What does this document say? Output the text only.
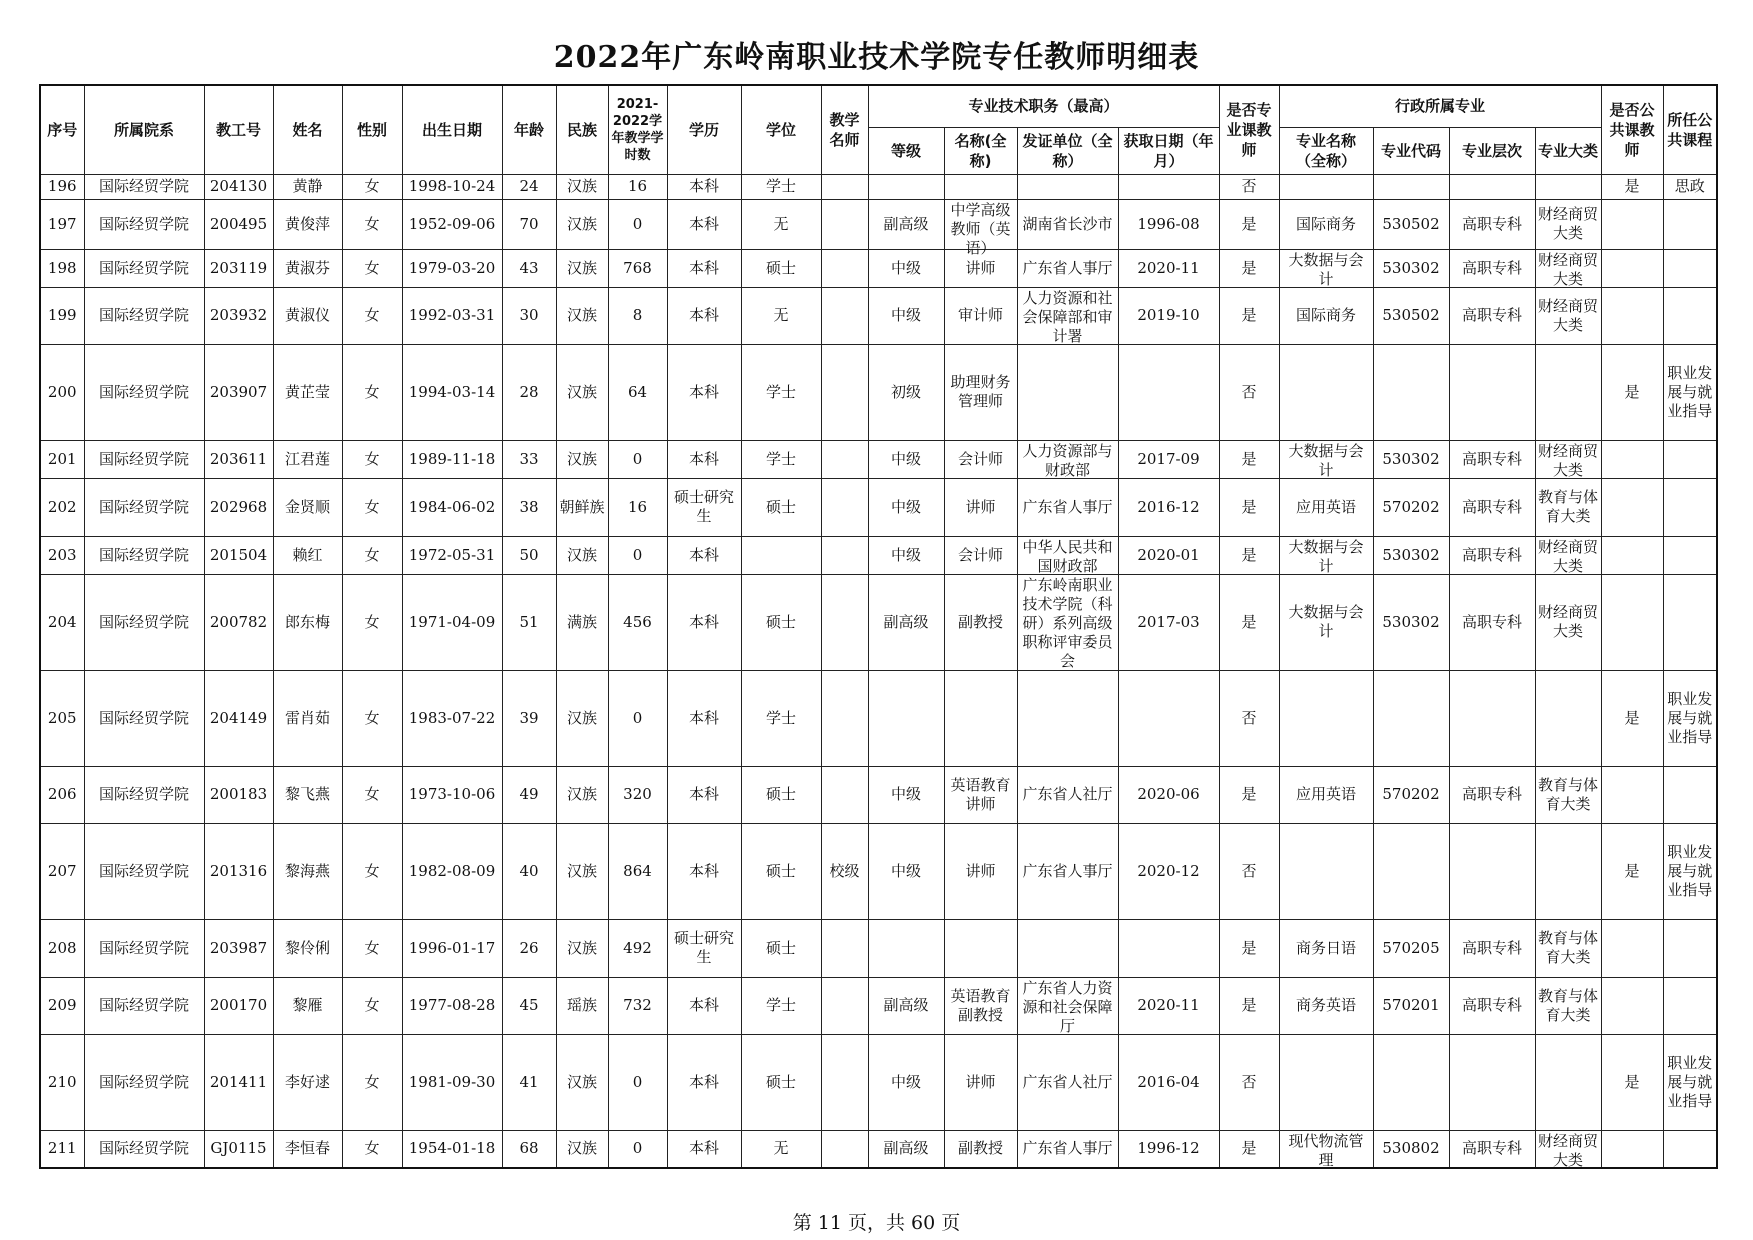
2022年广东岭南职业技术学院专任教师明细表
序号	所属院系	教工号	姓名	性别	出生日期	年龄	民族	2021-2022学年教学学时数	学历	学位	教学名师	专业技术职务（最高）				是否专业课教师	行政所属专业				是否公共课教师	所任公共课程
												等级	名称(全称)	发证单位（全称）	获取日期（年月）		专业名称（全称）	专业代码	专业层次	专业大类		

196	国际经贸学院	204130	黄静	女	1998-10-24	24	汉族	16	本科	学士						否					是	思政

197	国际经贸学院	200495	黄俊萍	女	1952-09-06	70	汉族	0	本科	无		副高级	中学高级教师（英语）	湖南省长沙市	1996-08	是	国际商务	530502	高职专科	财经商贸大类		

198	国际经贸学院	203119	黄淑芬	女	1979-03-20	43	汉族	768	本科	硕士		中级	讲师	广东省人事厅	2020-11	是	大数据与会计	530302	高职专科	财经商贸大类		

199	国际经贸学院	203932	黄淑仪	女	1992-03-31	30	汉族	8	本科	无		中级	审计师	人力资源和社会保障部和审计署	2019-10	是	国际商务	530502	高职专科	财经商贸大类		

200	国际经贸学院	203907	黄芷莹	女	1994-03-14	28	汉族	64	本科	学士		初级	助理财务管理师			否					是	职业发展与就业指导

201	国际经贸学院	203611	江君莲	女	1989-11-18	33	汉族	0	本科	学士		中级	会计师	人力资源部与财政部	2017-09	是	大数据与会计	530302	高职专科	财经商贸大类		

202	国际经贸学院	202968	金贤顺	女	1984-06-02	38	朝鲜族	16	硕士研究生	硕士		中级	讲师	广东省人事厅	2016-12	是	应用英语	570202	高职专科	教育与体育大类		

203	国际经贸学院	201504	赖红	女	1972-05-31	50	汉族	0	本科			中级	会计师	中华人民共和国财政部	2020-01	是	大数据与会计	530302	高职专科	财经商贸大类		

204	国际经贸学院	200782	郎东梅	女	1971-04-09	51	满族	456	本科	硕士		副高级	副教授	广东岭南职业技术学院（科研）系列高级职称评审委员会	2017-03	是	大数据与会计	530302	高职专科	财经商贸大类		

205	国际经贸学院	204149	雷肖茹	女	1983-07-22	39	汉族	0	本科	学士						否					是	职业发展与就业指导

206	国际经贸学院	200183	黎飞燕	女	1973-10-06	49	汉族	320	本科	硕士		中级	英语教育讲师	广东省人社厅	2020-06	是	应用英语	570202	高职专科	教育与体育大类		

207	国际经贸学院	201316	黎海燕	女	1982-08-09	40	汉族	864	本科	硕士	校级	中级	讲师	广东省人事厅	2020-12	否					是	职业发展与就业指导

208	国际经贸学院	203987	黎伶俐	女	1996-01-17	26	汉族	492	硕士研究生	硕士						是	商务日语	570205	高职专科	教育与体育大类		

209	国际经贸学院	200170	黎雁	女	1977-08-28	45	瑶族	732	本科	学士		副高级	英语教育副教授	广东省人力资源和社会保障厅	2020-11	是	商务英语	570201	高职专科	教育与体育大类		

210	国际经贸学院	201411	李好逑	女	1981-09-30	41	汉族	0	本科	硕士		中级	讲师	广东省人社厅	2016-04	否					是	职业发展与就业指导

211	国际经贸学院	GJ0115	李恒春	女	1954-01-18	68	汉族	0	本科	无		副高级	副教授	广东省人事厅	1996-12	是	现代物流管理	530802	高职专科	财经商贸大类		

第 11 页，共 60 页
